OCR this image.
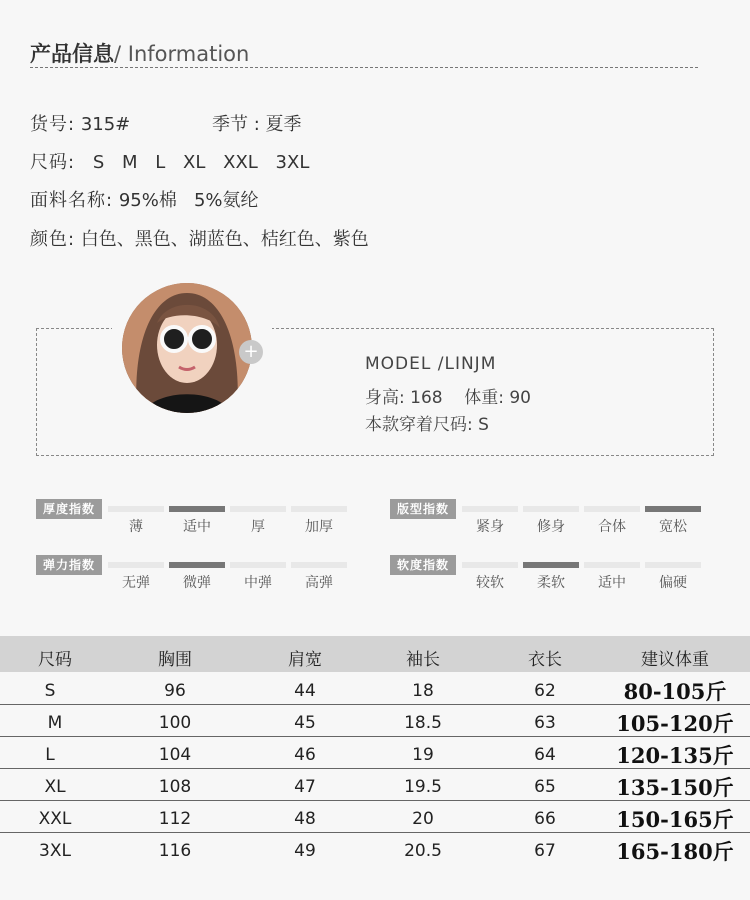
产品信息/ Information
货号: 315#	季节 : 夏季
尺码: S M L XL XXL 3XL
面料名称: 95%棉   5%氨纶
颜色: 白色、黑色、湖蓝色、桔红色、紫色
+
MODEL /LINJM
身高: 168    体重: 90
本款穿着尺码: S
厚度指数
薄	适中	厚	加厚
版型指数
紧身	修身	合体	宽松
弹力指数
无弹	微弹	中弹	高弹
软度指数
较软	柔软	适中	偏硬
尺码	胸围	肩宽	袖长	衣长	建议体重
S	96	44	18	62	80-105斤
M	100	45	18.5	63	105-120斤
L	104	46	19	64	120-135斤
XL	108	47	19.5	65	135-150斤
XXL	112	48	20	66	150-165斤
3XL	116	49	20.5	67	165-180斤
